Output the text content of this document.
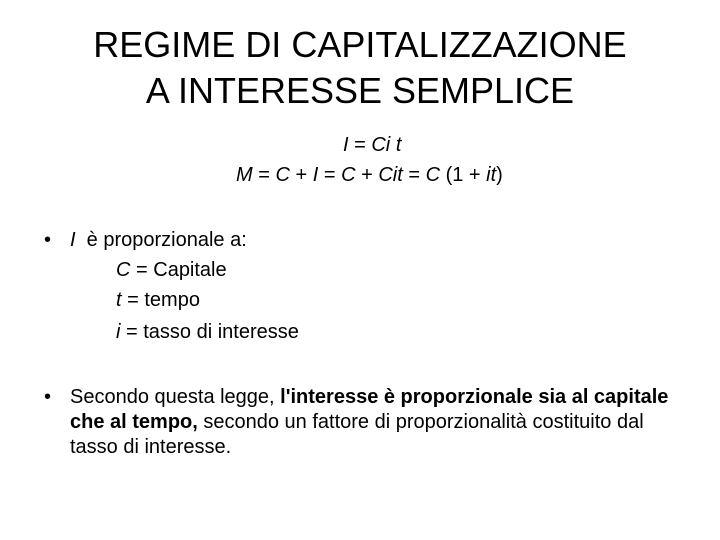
REGIME DI CAPITALIZZAZIONE
A INTERESSE SEMPLICE
I = Ci t
M = C + I = C + Cit = C (1 + it)
• I  è proporzionale a:
C = Capitale
t = tempo
i = tasso di interesse
• Secondo questa legge, l'interesse è proporzionale sia al capitale che al tempo, secondo un fattore di proporzionalità costituito dal tasso di interesse.
